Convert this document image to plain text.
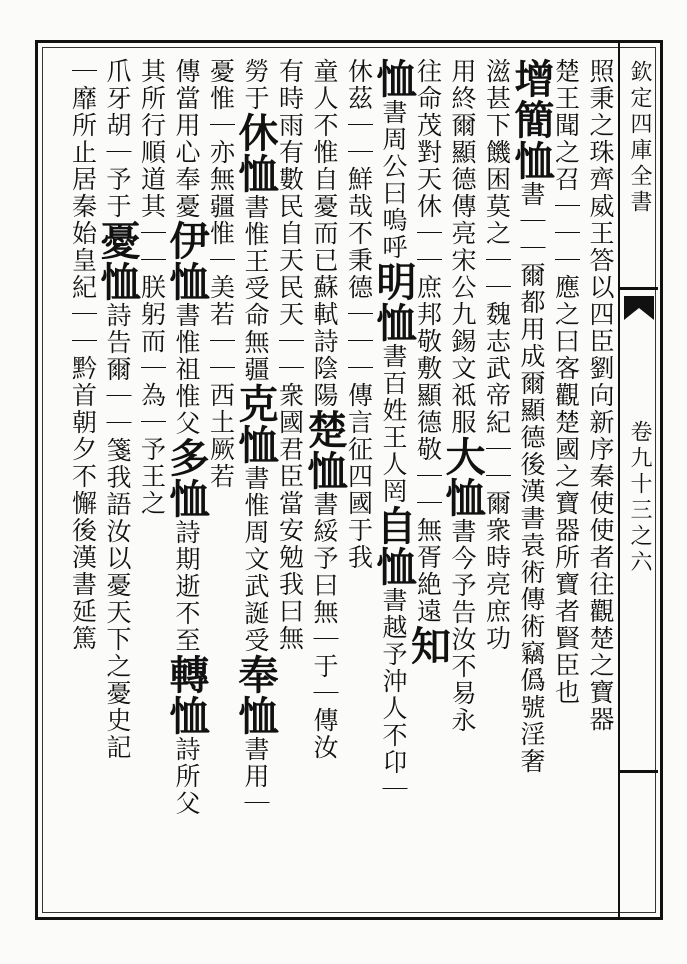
欽定四庫全書
卷九十三之六
照秉之珠齊威王答以四臣劉向新序秦使使者往觀楚之寶器
楚王聞之召｜｜｜應之曰客觀楚國之寶器所寶者賢臣也
增簡恤書｜｜爾都用成爾顯德後漢書袁術傳術竊僞號淫奢
滋甚下饑困莫之｜｜魏志武帝紀｜｜爾衆時亮庶功
用終爾顯德傳亮宋公九錫文祗服大恤書今予告汝不易永
往命茂對天休｜｜庶邦敬敷顯德敬｜｜無胥絶遠知
恤書周公曰嗚呼明恤書百姓王人罔自恤書越予沖人不卬｜
休茲｜｜鮮哉不秉德｜｜｜傳言征四國于我
童人不惟自憂而已蘇軾詩陰陽楚恤書綏予曰無｜于｜傳汝
有時雨有數民自天民天｜｜衆國君臣當安勉我曰無
勞于休恤書惟王受命無疆克恤書惟周文武誕受奉恤書用｜
憂惟｜亦無疆惟｜美若｜｜西土厥若
傳當用心奉憂伊恤書惟祖惟父多恤詩期逝不至轉恤詩所父
其所行順道其｜｜朕躬而｜為｜予王之
爪牙胡｜予于憂恤詩告爾｜｜箋我語汝以憂天下之憂史記
｜靡所止居秦始皇紀｜｜黔首朝夕不懈後漢書延篤
